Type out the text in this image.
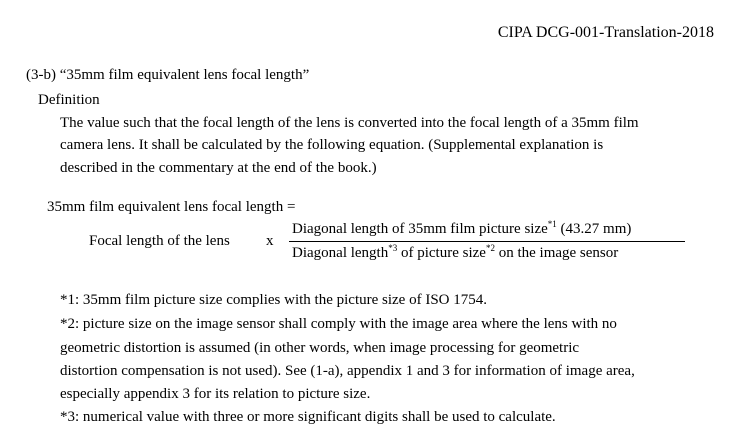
CIPA DCG-001-Translation-2018
(3-b) “35mm film equivalent lens focal length”
Definition
The value such that the focal length of the lens is converted into the focal length of a 35mm film
camera lens. It shall be calculated by the following equation. (Supplemental explanation is
described in the commentary at the end of the book.)
35mm film equivalent lens focal length =
Focal length of the lens x
Diagonal length of 35mm film picture size$^{*1}$ (43.27 mm)
Diagonal length$^{*3}$ of picture size$^{*2}$ on the image sensor
*1: 35mm film picture size complies with the picture size of ISO 1754.
*2: picture size on the image sensor shall comply with the image area where the lens with no
geometric distortion is assumed (in other words, when image processing for geometric
distortion compensation is not used). See (1-a), appendix 1 and 3 for information of image area,
especially appendix 3 for its relation to picture size.
*3: numerical value with three or more significant digits shall be used to calculate.
